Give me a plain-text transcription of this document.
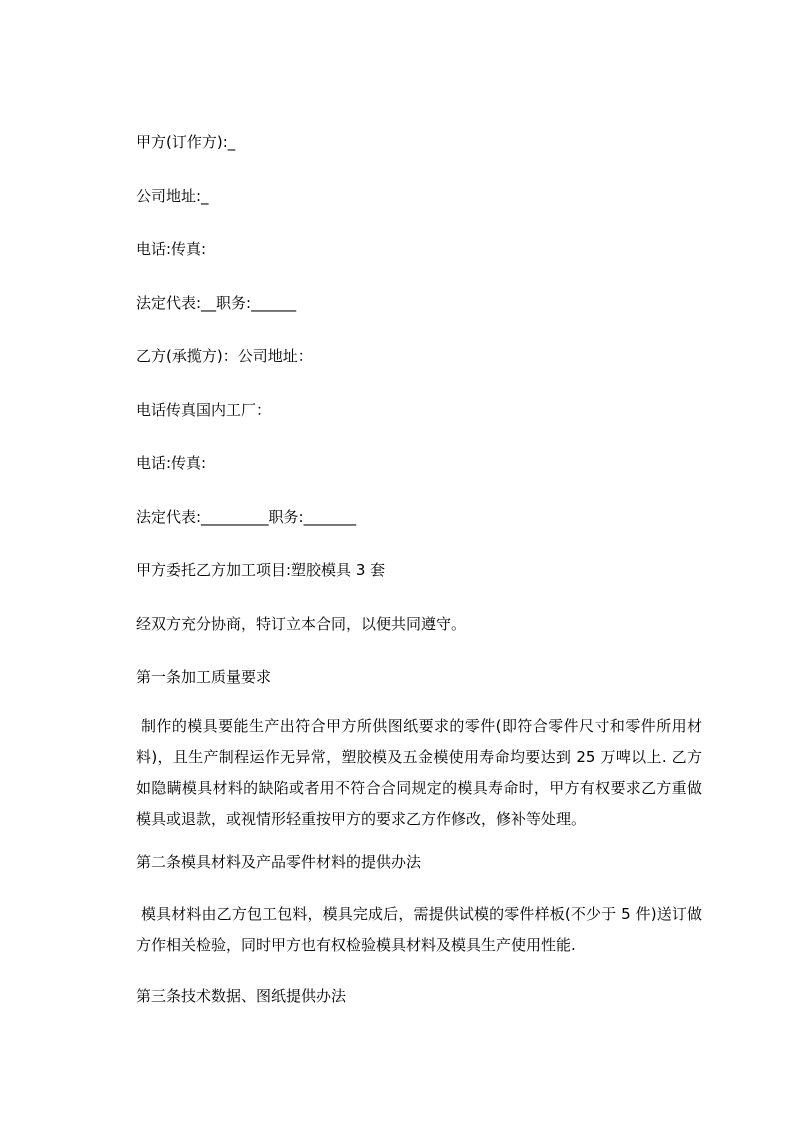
甲方(订作方):_

公司地址:_

电话:传真:

法定代表:__职务:______

乙方(承揽方)：公司地址：

电话传真国内工厂：

电话:传真:

法定代表:_________职务:_______

甲方委托乙方加工项目:塑胶模具 3 套

经双方充分协商，特订立本合同，以便共同遵守。

第一条加工质量要求

制作的模具要能生产出符合甲方所供图纸要求的零件(即符合零件尺寸和零件所用材料)，且生产制程运作无异常，塑胶模及五金模使用寿命均要达到 25 万啤以上. 乙方如隐瞒模具材料的缺陷或者用不符合合同规定的模具寿命时，甲方有权要求乙方重做模具或退款，或视情形轻重按甲方的要求乙方作修改，修补等处理。

第二条模具材料及产品零件材料的提供办法

模具材料由乙方包工包料，模具完成后，需提供试模的零件样板(不少于 5 件)送订做方作相关检验，同时甲方也有权检验模具材料及模具生产使用性能.

第三条技术数据、图纸提供办法
